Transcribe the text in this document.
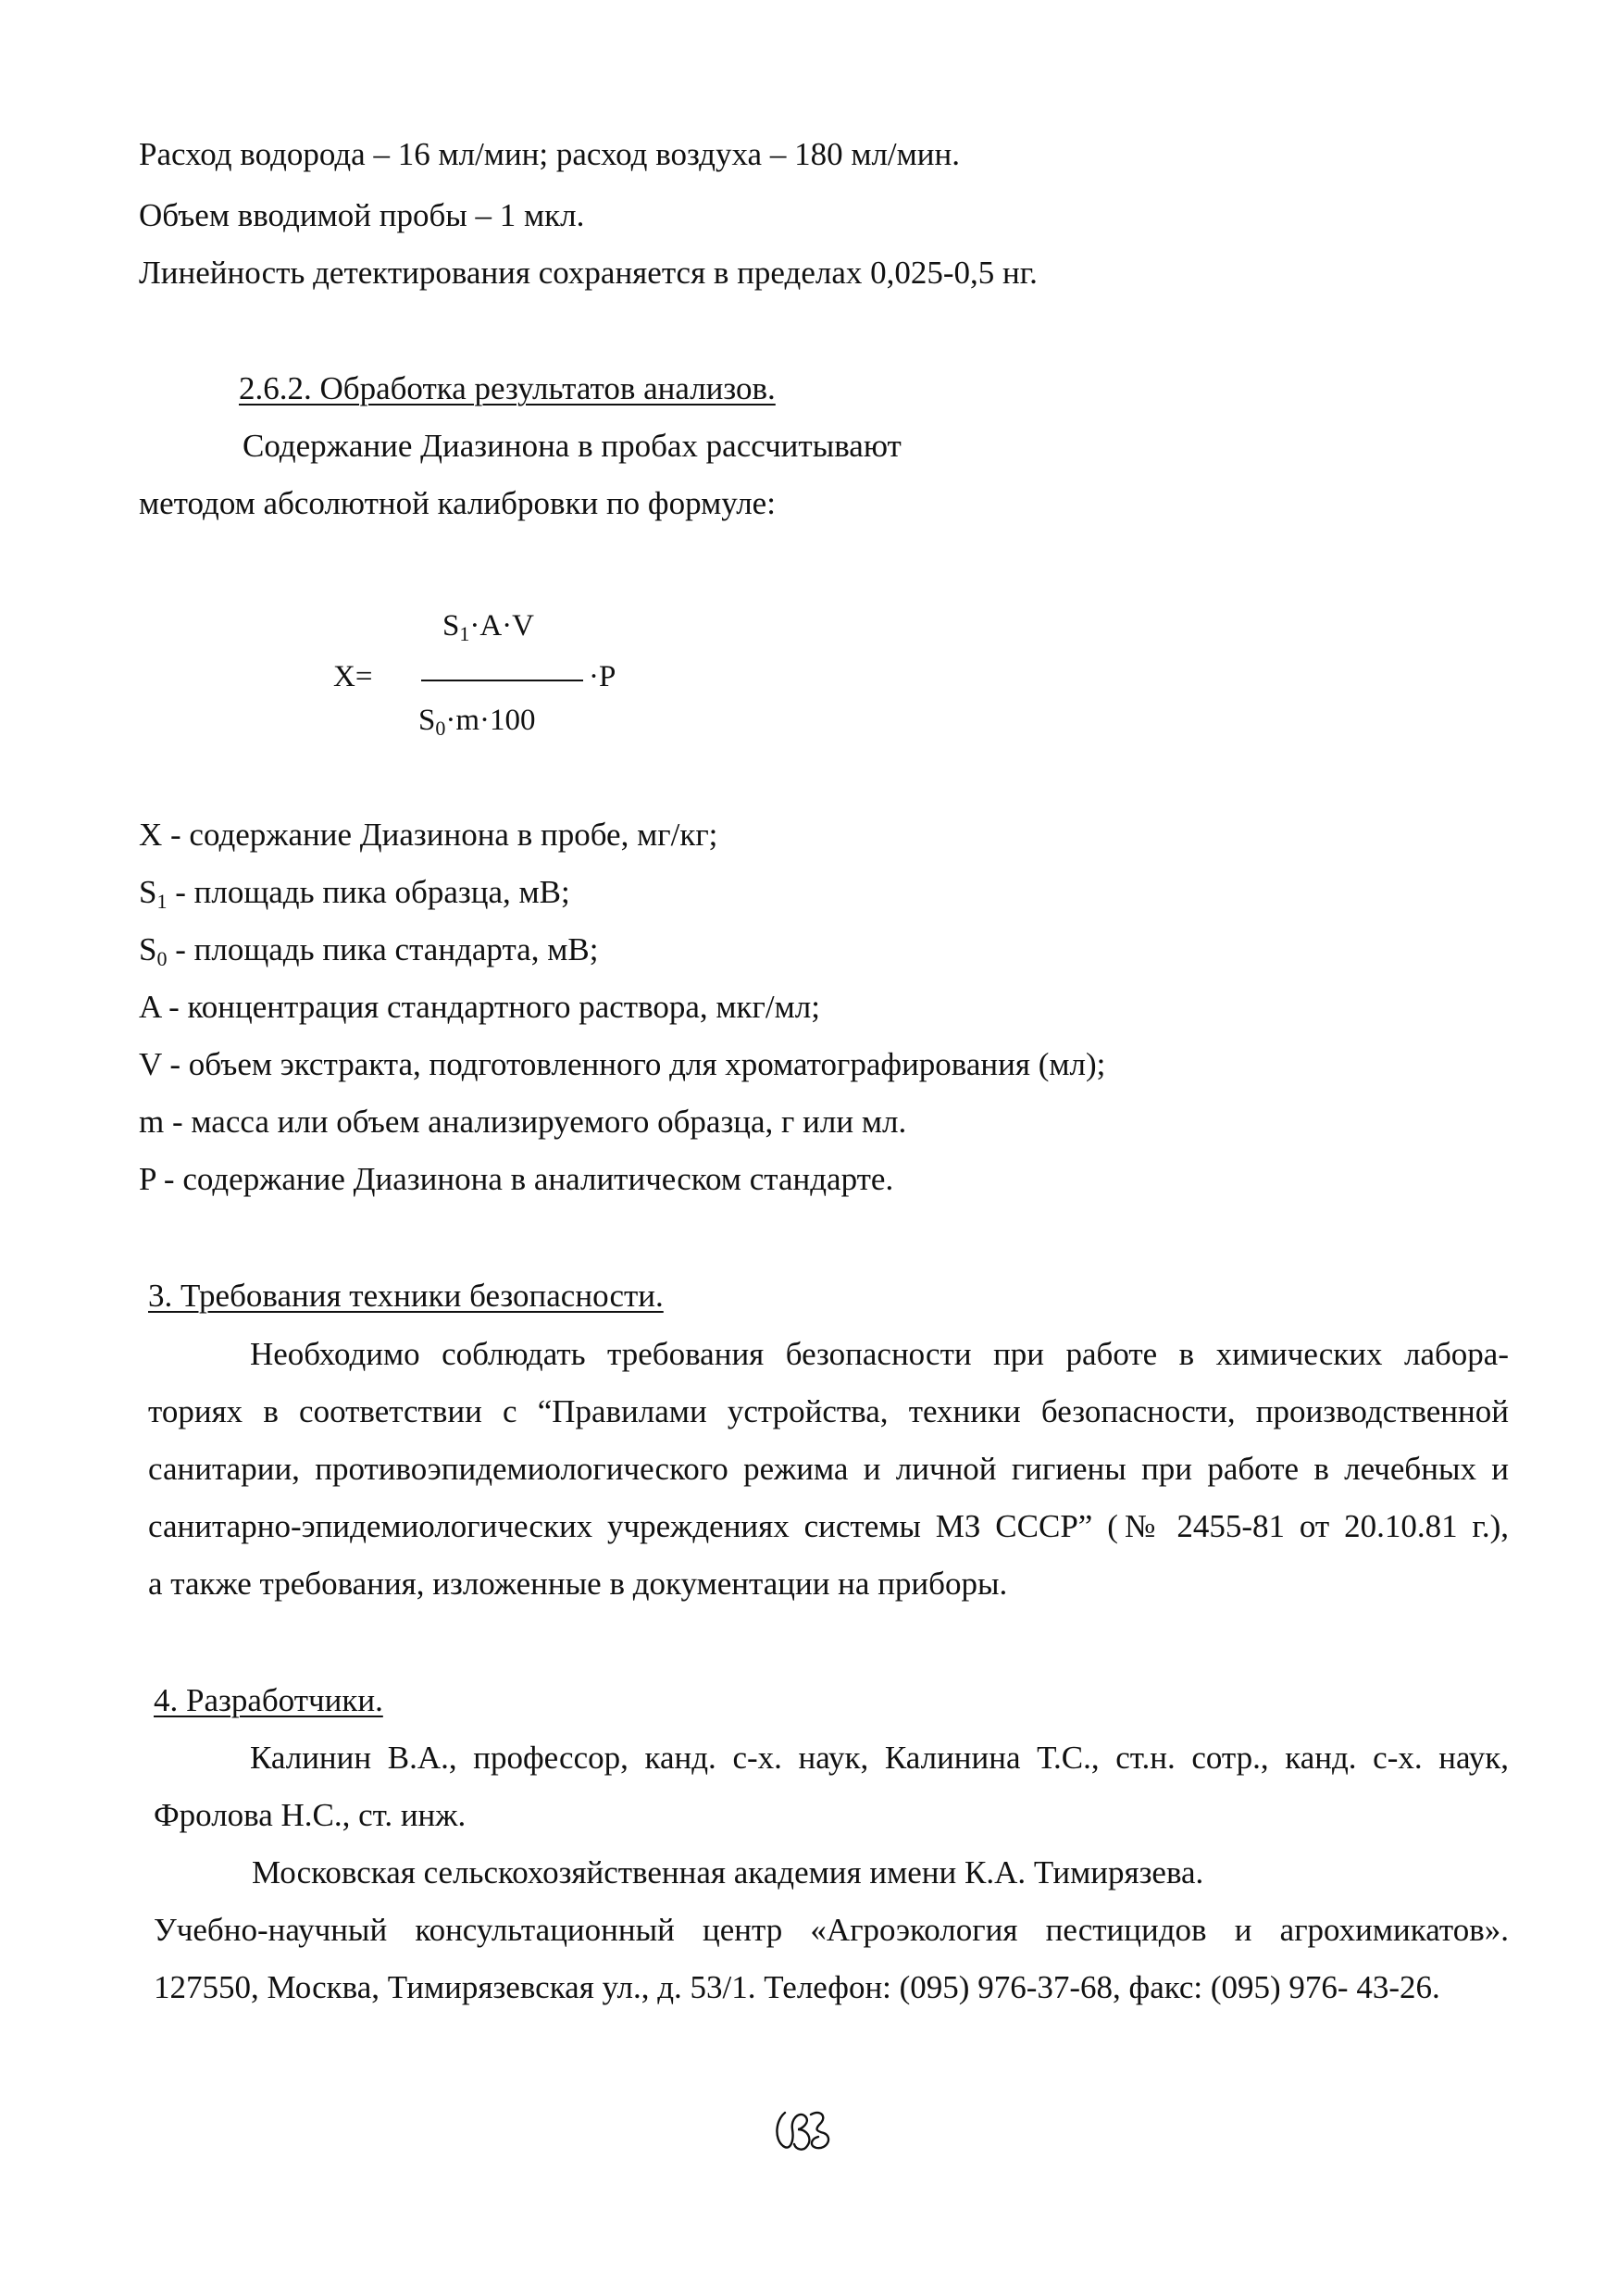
Расход водорода – 16 мл/мин; расход воздуха – 180 мл/мин.
Объем вводимой пробы – 1 мкл.
Линейность детектирования сохраняется в пределах 0,025-0,5 нг.
2.6.2. Обработка результатов анализов.
Содержание Диазинона в пробах рассчитывают
методом абсолютной калибровки по формуле:
S1·A·V
X=	·P
S0·m·100
X - содержание Диазинона в пробе, мг/кг;
S1 - площадь пика образца, мВ;
S0 - площадь пика стандарта, мВ;
A - концентрация стандартного раствора, мкг/мл;
V - объем экстракта, подготовленного для хроматографирования (мл);
m - масса или объем анализируемого образца, г или мл.
P - содержание Диазинона в аналитическом стандарте.
3. Требования техники безопасности.
Необходимо соблюдать требования безопасности при работе в химических лабора-
ториях в соответствии с “Правилами устройства, техники безопасности, производственной
санитарии, противоэпидемиологического режима и личной гигиены при работе в лечебных и
санитарно-эпидемиологических учреждениях системы МЗ СССР” (№ 2455-81 от 20.10.81 г.),
а также требования, изложенные в документации на приборы.
4. Разработчики.
Калинин В.А., профессор, канд. с-х. наук, Калинина Т.С., ст.н. сотр., канд. с-х. наук,
Фролова Н.С., ст. инж.
Московская сельскохозяйственная академия имени К.А. Тимирязева.
Учебно-научный консультационный центр «Агроэкология пестицидов и агрохимикатов».
127550, Москва, Тимирязевская ул., д. 53/1. Телефон: (095) 976-37-68, факс: (095) 976- 43-26.
